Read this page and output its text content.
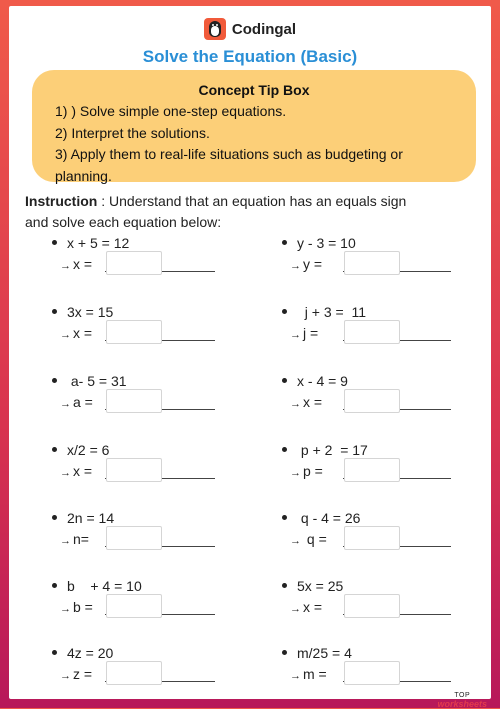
Codingal
Solve the Equation (Basic)
Concept Tip Box
1) ) Solve simple one-step equations.
2) Interpret the solutions.
3) Apply them to real-life situations such as budgeting or
planning.
Instruction : Understand that an equation has an equals sign
and solve each equation below:
x + 5 = 12
→ x =
3x = 15
→ x =
a- 5 = 31
→ a =
x/2 = 6
→ x =
2n = 14
→ n=
b    + 4 = 10
→ b =
4z = 20
→ z =
y - 3 = 10
→ y =
j + 3 =  11
→ j =
x - 4 = 9
→ x =
p + 2  = 17
→ p =
q - 4 = 26
→ q =
5x = 25
→ x =
m/25 = 4
→ m =
TOP
worksheets
